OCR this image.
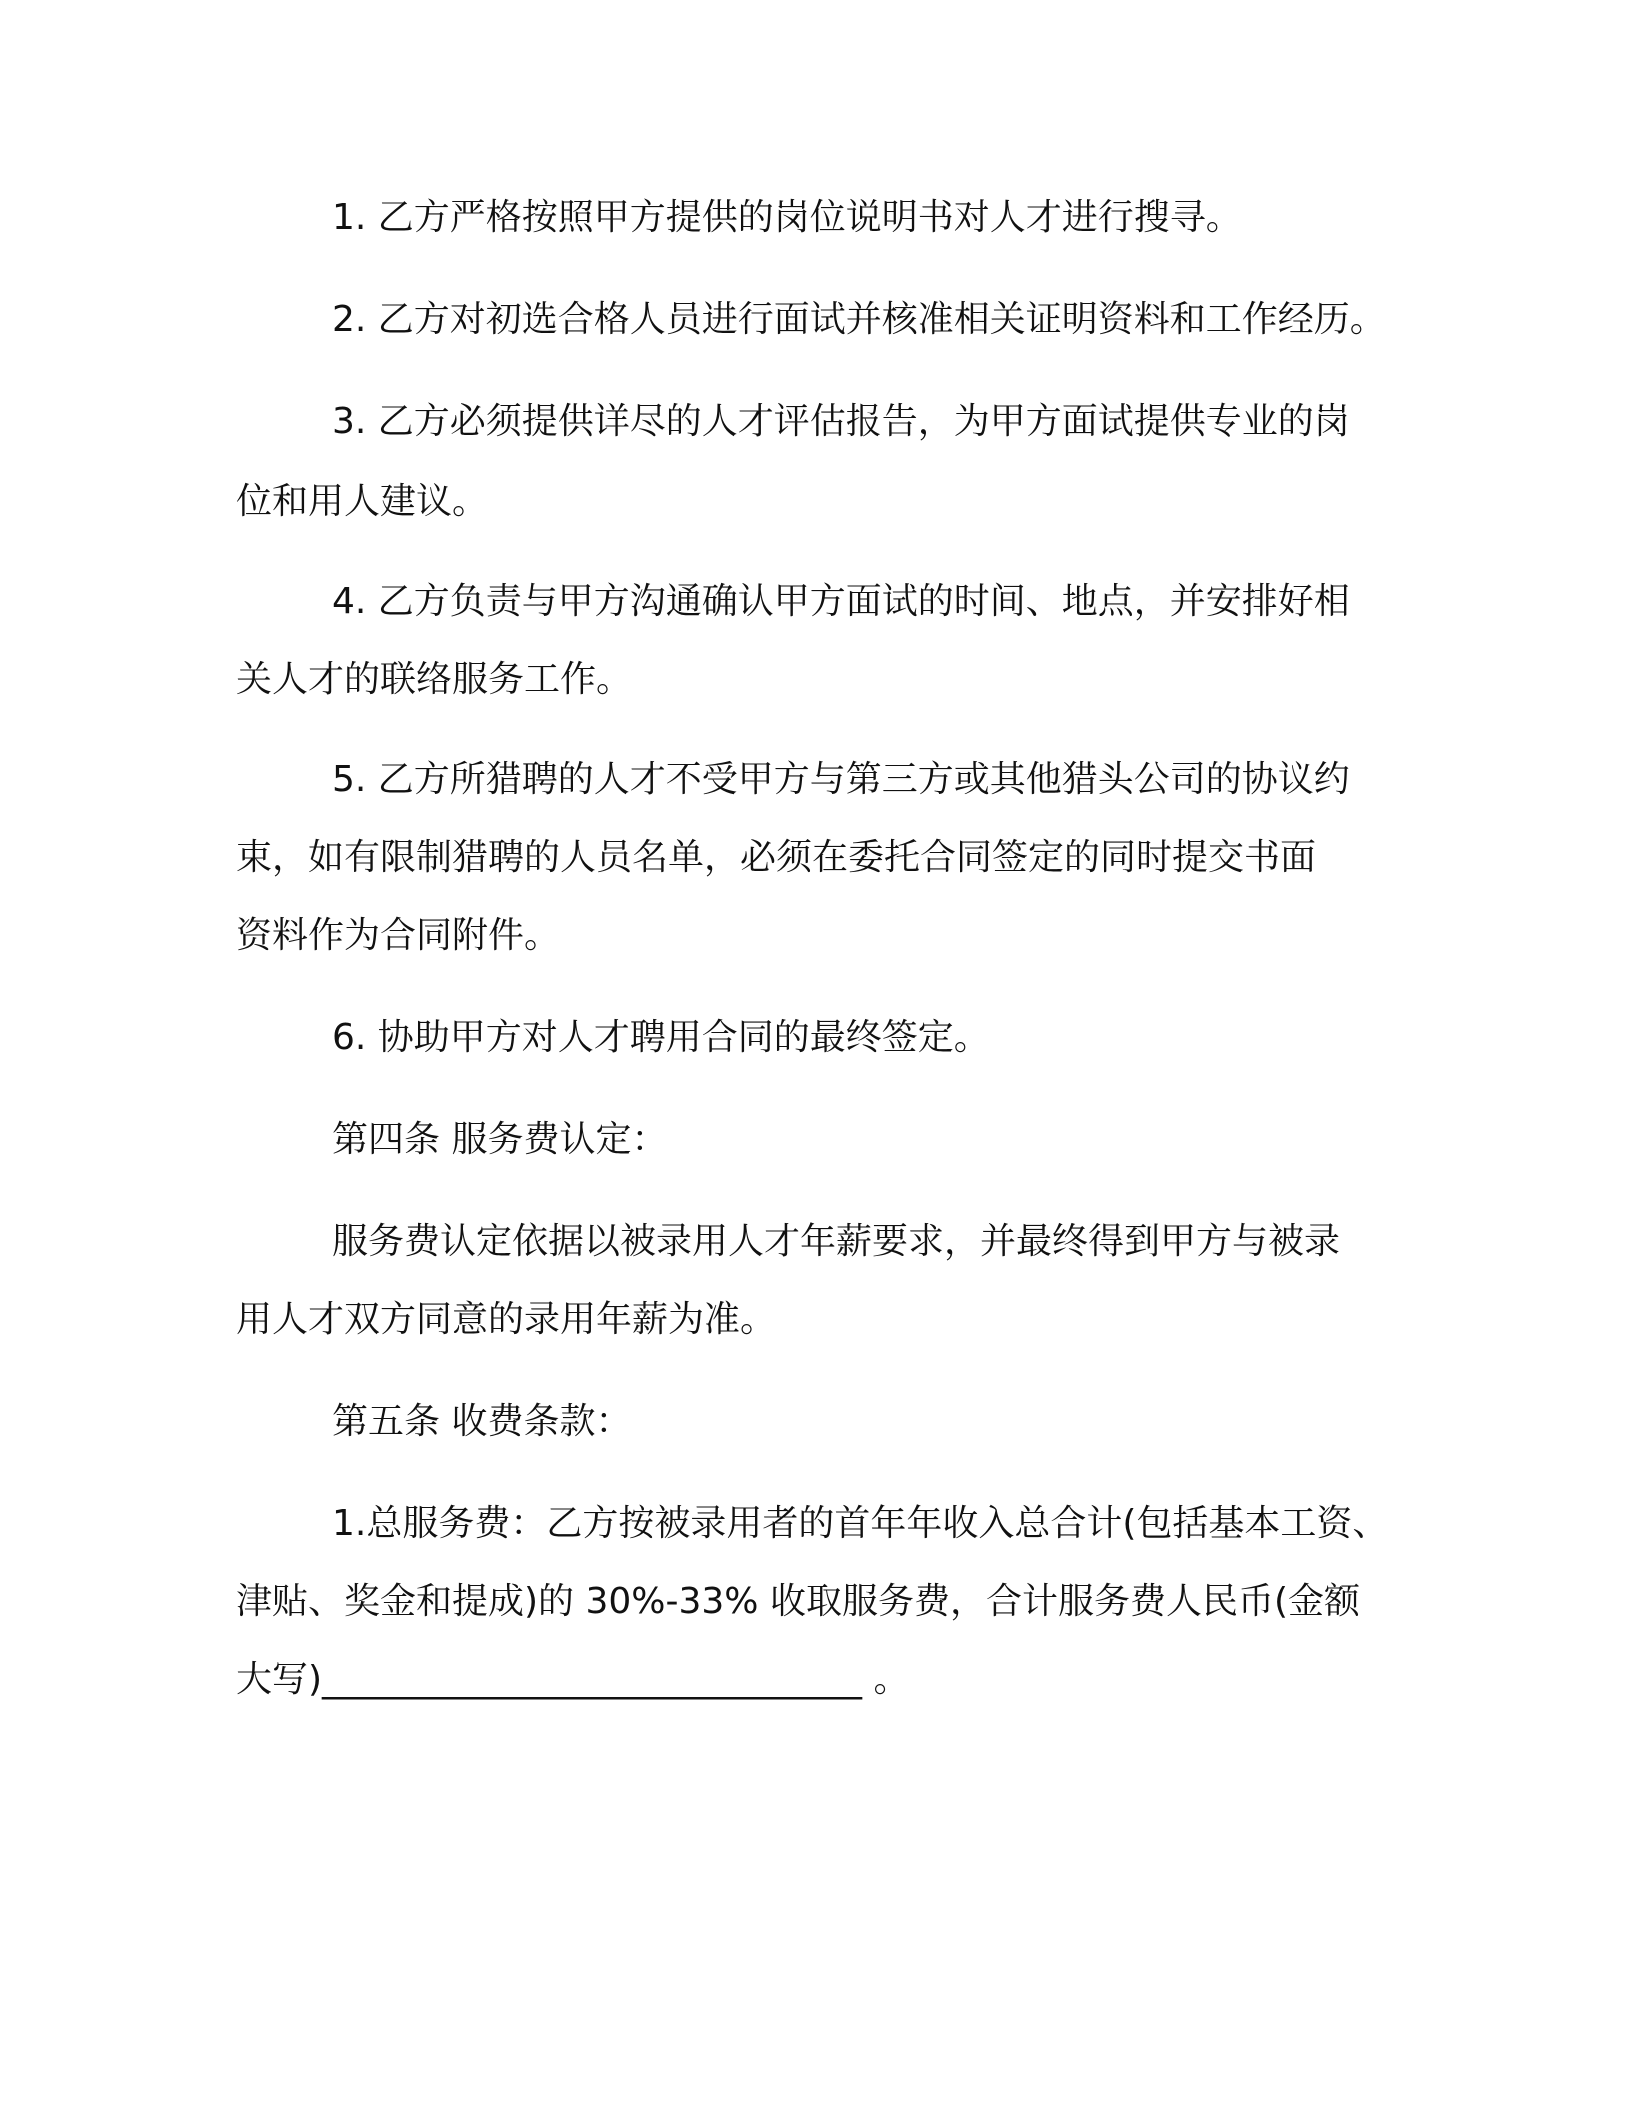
1. 乙方严格按照甲方提供的岗位说明书对人才进行搜寻。
2. 乙方对初选合格人员进行面试并核准相关证明资料和工作经历。
3. 乙方必须提供详尽的人才评估报告，为甲方面试提供专业的岗
位和用人建议。
4. 乙方负责与甲方沟通确认甲方面试的时间、地点，并安排好相
关人才的联络服务工作。
5. 乙方所猎聘的人才不受甲方与第三方或其他猎头公司的协议约
束，如有限制猎聘的人员名单，必须在委托合同签定的同时提交书面
资料作为合同附件。
6. 协助甲方对人才聘用合同的最终签定。
第四条 服务费认定：
服务费认定依据以被录用人才年薪要求，并最终得到甲方与被录
用人才双方同意的录用年薪为准。
第五条 收费条款：
1.总服务费：乙方按被录用者的首年年收入总合计(包括基本工资、
津贴、奖金和提成)的 30%-33% 收取服务费，合计服务费人民币(金额
大写)______________________________ 。
